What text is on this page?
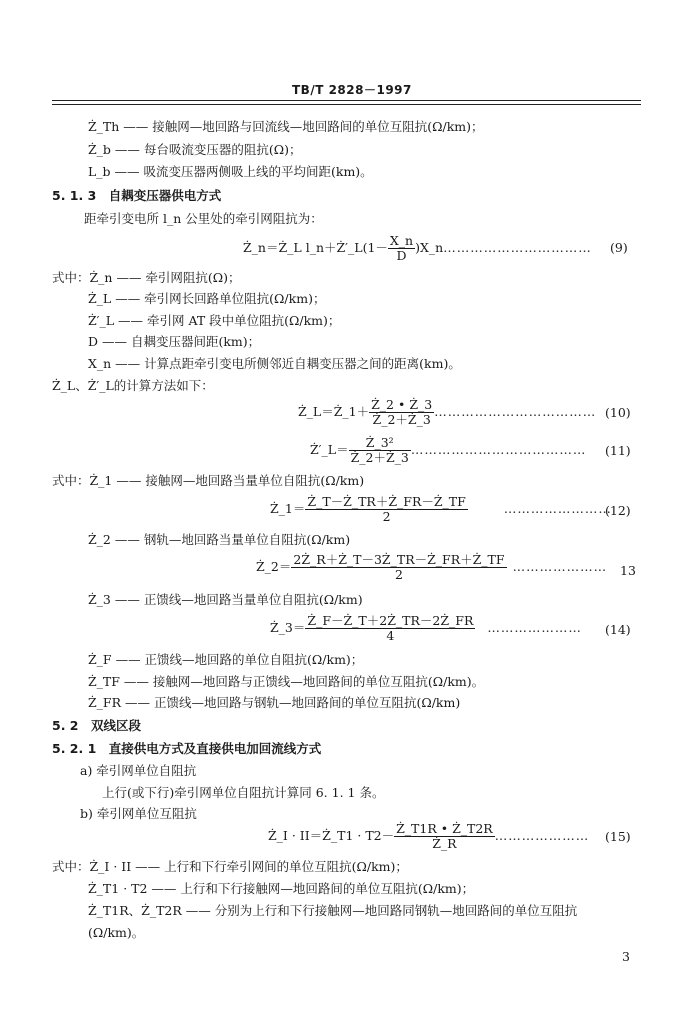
TB/T 2828－1997
Ż_Th —— 接触网—地回路与回流线—地回路间的单位互阻抗(Ω/km)；
Ż_b —— 每台吸流变压器的阻抗(Ω)；
L_b —— 吸流变压器两侧吸上线的平均间距(km)。
5. 1. 3　自耦变压器供电方式
距牵引变电所 l_n 公里处的牵引网阻抗为：
Ż_n＝Ż_L l_n＋Ż′_L(1－ $\frac{X\_n}{D}$ )X_n…………………………… (9)
式中：Ż_n —— 牵引网阻抗(Ω)；
Ż_L —— 牵引网长回路单位阻抗(Ω/km)；
Ż′_L —— 牵引网 AT 段中单位阻抗(Ω/km)；
D —— 自耦变压器间距(km)；
X_n —— 计算点距牵引变电所侧邻近自耦变压器之间的距离(km)。
Ż_L、Ż′_L的计算方法如下：
Ż_L＝Ż_1＋ $\frac{Ż\_2 • Ż\_3}{Ż\_2+Ż\_3}$ ……………………………… (10)
Ż′_L＝ $\frac{\text{Ż\_3²}}{Ż\_2+Ż\_3}$ ………………………………… (11)
式中：Ż_1 —— 接触网—地回路当量单位自阻抗(Ω/km)
Ż_1＝ $\frac{Ż\_T-Ż\_TR+Ż\_FR-Ż\_TF}{2}$	……………………
(12)
Ż_2 —— 钢轨—地回路当量单位自阻抗(Ω/km)
Ż_2＝ $\frac{2Ż\_R+Ż\_T-3Ż\_TR-Ż\_FR+Ż\_TF}{2}$ ………………… 13
Ż_3 —— 正馈线—地回路当量单位自阻抗(Ω/km)
Ż_3＝ $\frac{Ż\_F-Ż\_T+2Ż\_TR-2Ż\_FR}{4}$ ………………… (14)
Ż_F —— 正馈线—地回路的单位自阻抗(Ω/km)；
Ż_TF —— 接触网—地回路与正馈线—地回路间的单位互阻抗(Ω/km)。
Ż_FR —— 正馈线—地回路与钢轨—地回路间的单位互阻抗(Ω/km)
5. 2　双线区段
5. 2. 1　直接供电方式及直接供电加回流线方式
a) 牵引网单位自阻抗
上行(或下行)牵引网单位自阻抗计算同 6. 1. 1 条。
b) 牵引网单位互阻抗
Ż_I · II＝Ż_T1 · $T2- \frac{Ż\_T1R • Ż\_T2R}{Ż\_R}$ ………………… (15)
式中：Ż_I · II —— 上行和下行牵引网间的单位互阻抗(Ω/km)；
Ż_T1 · T2 —— 上行和下行接触网—地回路间的单位互阻抗(Ω/km)；
Ż_T1R、Ż_T2R —— 分别为上行和下行接触网—地回路同钢轨—地回路间的单位互阻抗
(Ω/km)。
3
